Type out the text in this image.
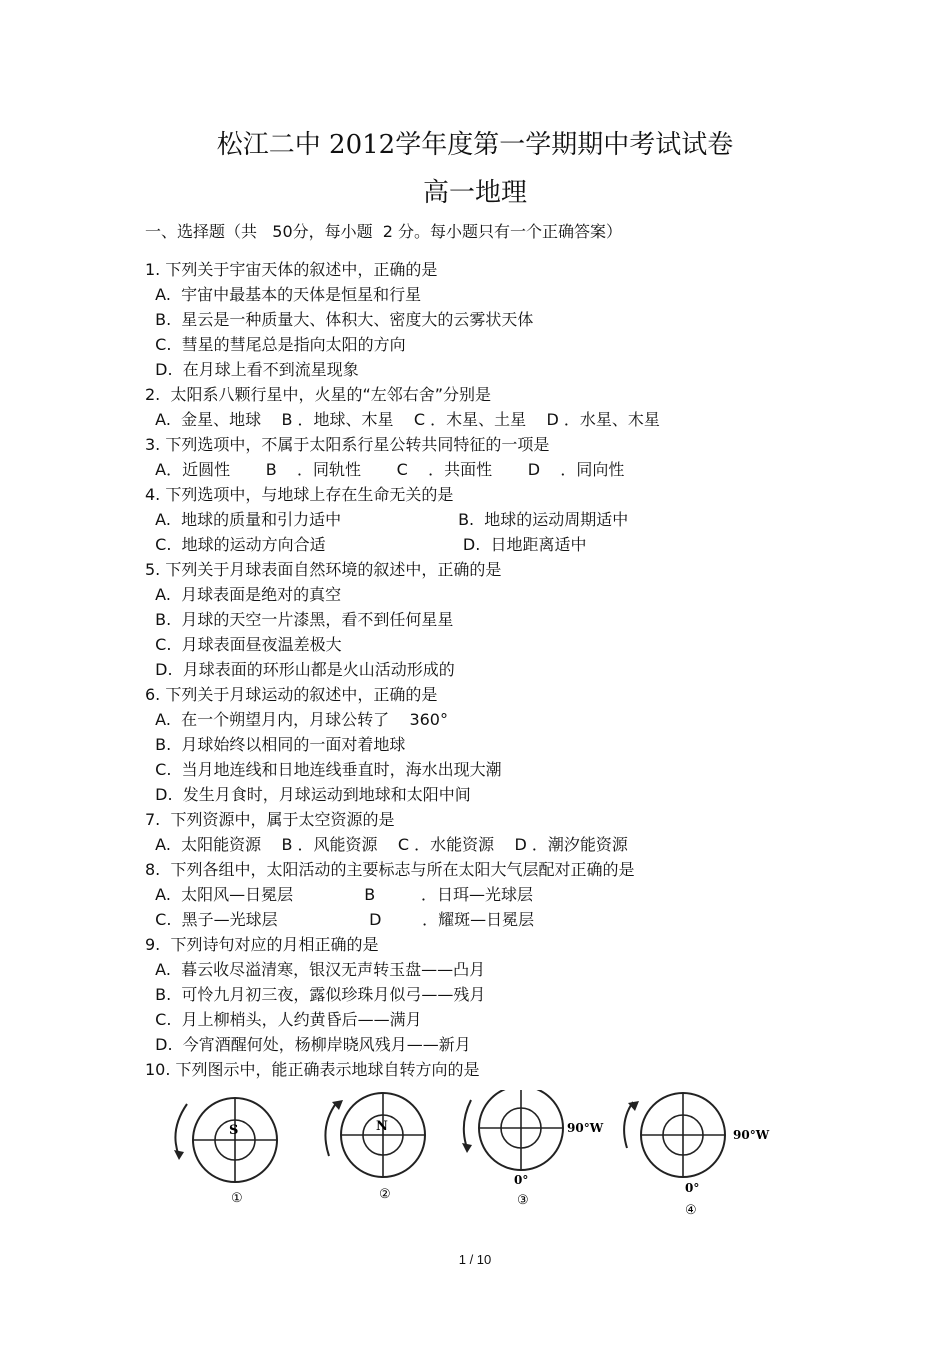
松江二中 2012学年度第一学期期中考试试卷
高一地理
一、选择题（共   50分，每小题  2 分。每小题只有一个正确答案）
1. 下列关于宇宙天体的叙述中，正确的是
A.  宇宙中最基本的天体是恒星和行星
B.  星云是一种质量大、体积大、密度大的云雾状天体
C.  彗星的彗尾总是指向太阳的方向
D.  在月球上看不到流星现象
2.  太阳系八颗行星中，火星的“左邻右舍”分别是
A.  金星、地球    B ．地球、木星    C ．木星、土星    D ．水星、木星
3. 下列选项中，不属于太阳系行星公转共同特征的一项是
A．近圆性       B    ．同轨性       C    ．共面性       D    ．同向性
4. 下列选项中，与地球上存在生命无关的是
A.  地球的质量和引力适中                       B.  地球的运动周期适中
C.  地球的运动方向合适                           D.  日地距离适中
5. 下列关于月球表面自然环境的叙述中，正确的是
A.  月球表面是绝对的真空
B.  月球的天空一片漆黑，看不到任何星星
C.  月球表面昼夜温差极大
D.  月球表面的环形山都是火山活动形成的
6. 下列关于月球运动的叙述中，正确的是
A.  在一个朔望月内，月球公转了    360°
B.  月球始终以相同的一面对着地球
C.  当月地连线和日地连线垂直时，海水出现大潮
D.  发生月食时，月球运动到地球和太阳中间
7.  下列资源中，属于太空资源的是
A.  太阳能资源    B ．风能资源    C ．水能资源    D ．潮汐能资源
8.  下列各组中，太阳活动的主要标志与所在太阳大气层配对正确的是
A.  太阳风—日冕层              B         ．日珥—光球层
C.  黑子—光球层                  D        ．耀斑—日冕层
9.  下列诗句对应的月相正确的是
A.  暮云收尽溢清寒，银汉无声转玉盘——凸月
B.  可怜九月初三夜，露似珍珠月似弓——残月
C.  月上柳梢头，人约黄昏后——满月
D.  今宵酒醒何处，杨柳岸晓风残月——新月
10. 下列图示中，能正确表示地球自转方向的是
S
①
N
②
90°W
0°
③
90°W
0°
④
1 / 10
